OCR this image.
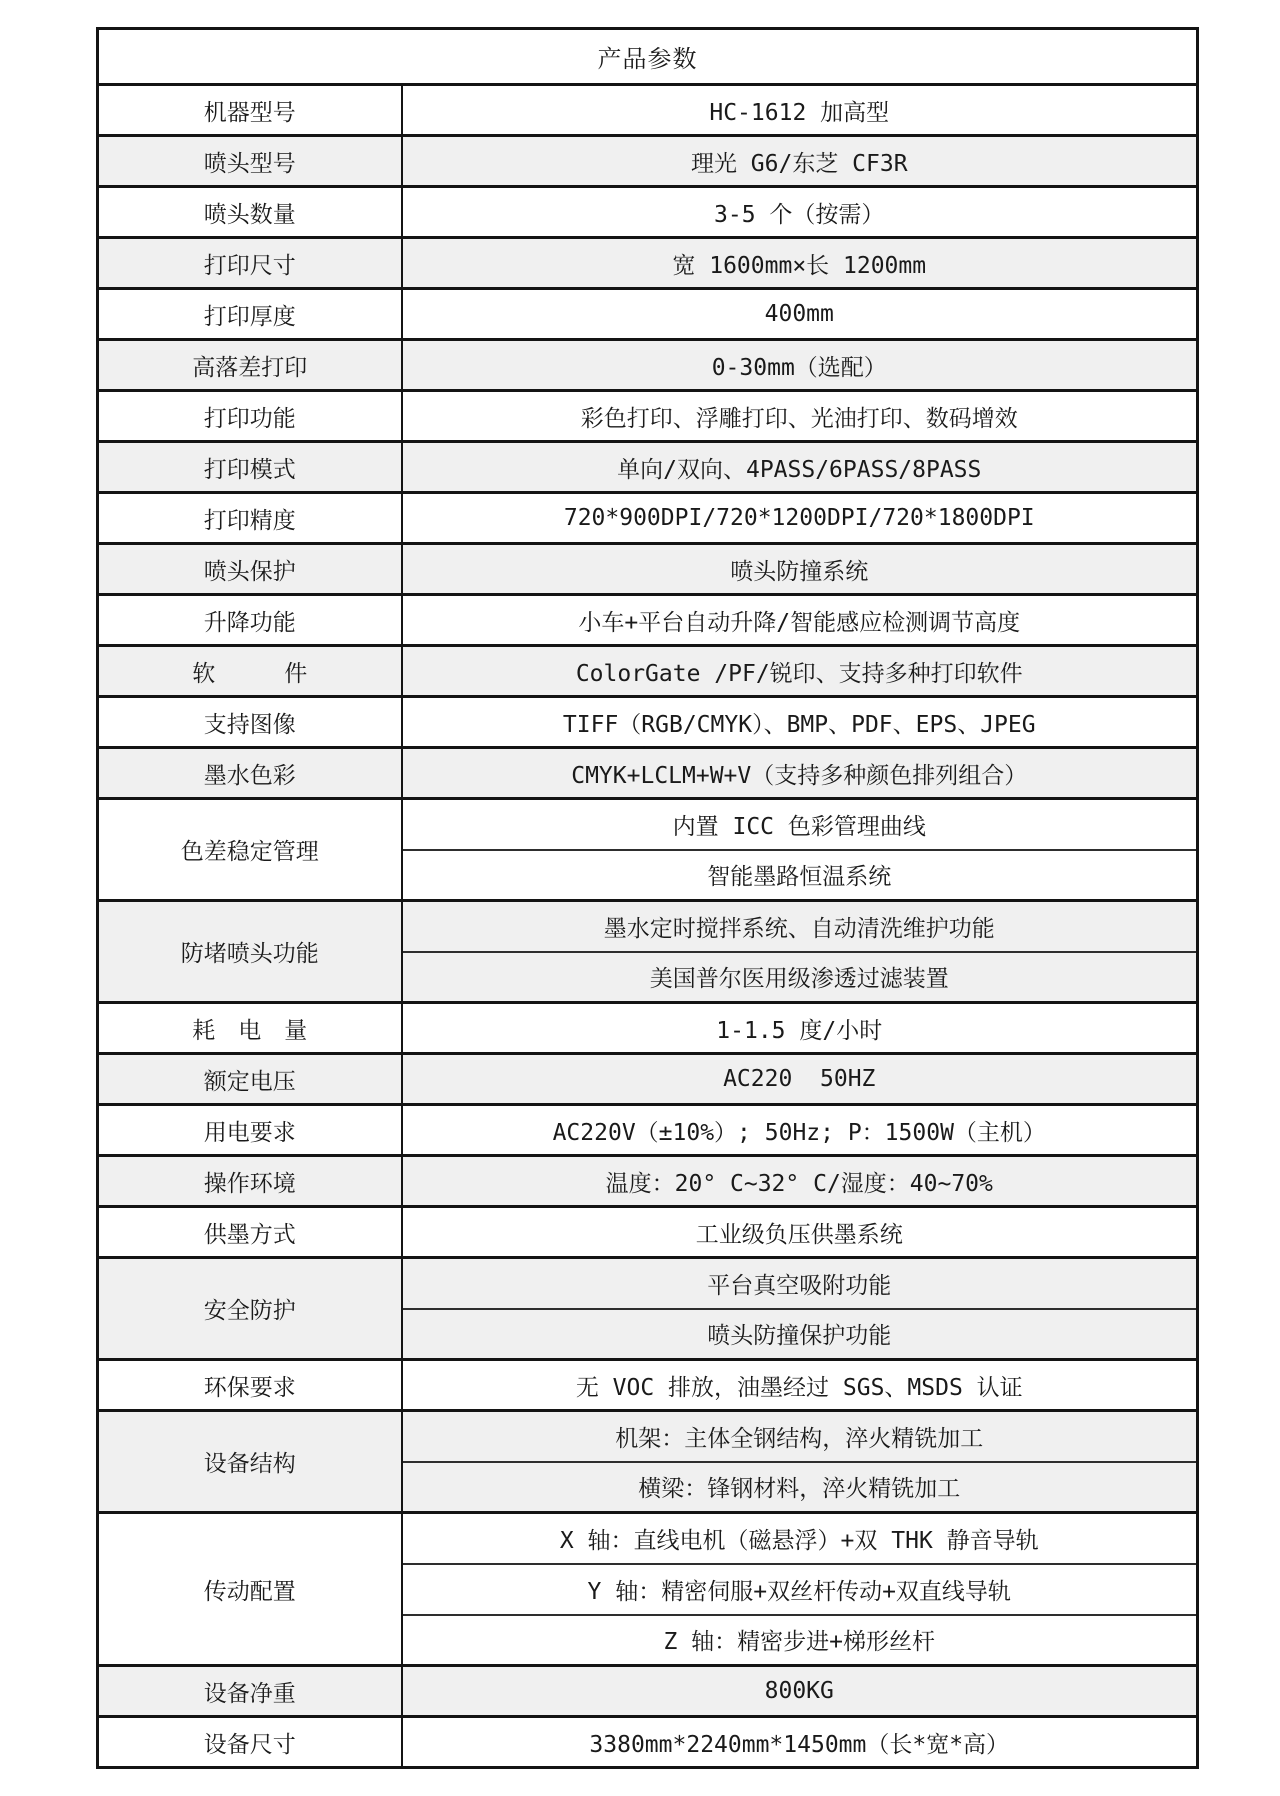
产品参数	
机器型号	HC-1612 加高型
喷头型号	理光 G6/东芝 CF3R
喷头数量	3-5 个（按需）
打印尺寸	宽 1600mm×长 1200mm
打印厚度	400mm
高落差打印	0-30mm（选配）
打印功能	彩色打印、浮雕打印、光油打印、数码增效
打印模式	单向/双向、4PASS/6PASS/8PASS
打印精度	720*900DPI/720*1200DPI/720*1800DPI
喷头保护	喷头防撞系统
升降功能	小车+平台自动升降/智能感应检测调节高度
软　　　件	ColorGate /PF/锐印、支持多种打印软件
支持图像	TIFF（RGB/CMYK）、BMP、PDF、EPS、JPEG
墨水色彩	CMYK+LCLM+W+V（支持多种颜色排列组合）
色差稳定管理	内置 ICC 色彩管理曲线
	智能墨路恒温系统
防堵喷头功能	墨水定时搅拌系统、自动清洗维护功能
	美国普尔医用级渗透过滤装置
耗　电　量	1-1.5 度/小时
额定电压	AC220  50HZ
用电要求	AC220V（±10%）; 50Hz; P：1500W（主机）
操作环境	温度：20° C~32° C/湿度：40~70%
供墨方式	工业级负压供墨系统
安全防护	平台真空吸附功能
	喷头防撞保护功能
环保要求	无 VOC 排放，油墨经过 SGS、MSDS 认证
设备结构	机架：主体全钢结构，淬火精铣加工
	横梁：锋钢材料，淬火精铣加工
传动配置	X 轴：直线电机（磁悬浮）+双 THK 静音导轨
	Y 轴：精密伺服+双丝杆传动+双直线导轨
	Z 轴：精密步进+梯形丝杆
设备净重	800KG
设备尺寸	3380mm*2240mm*1450mm（长*宽*高）
